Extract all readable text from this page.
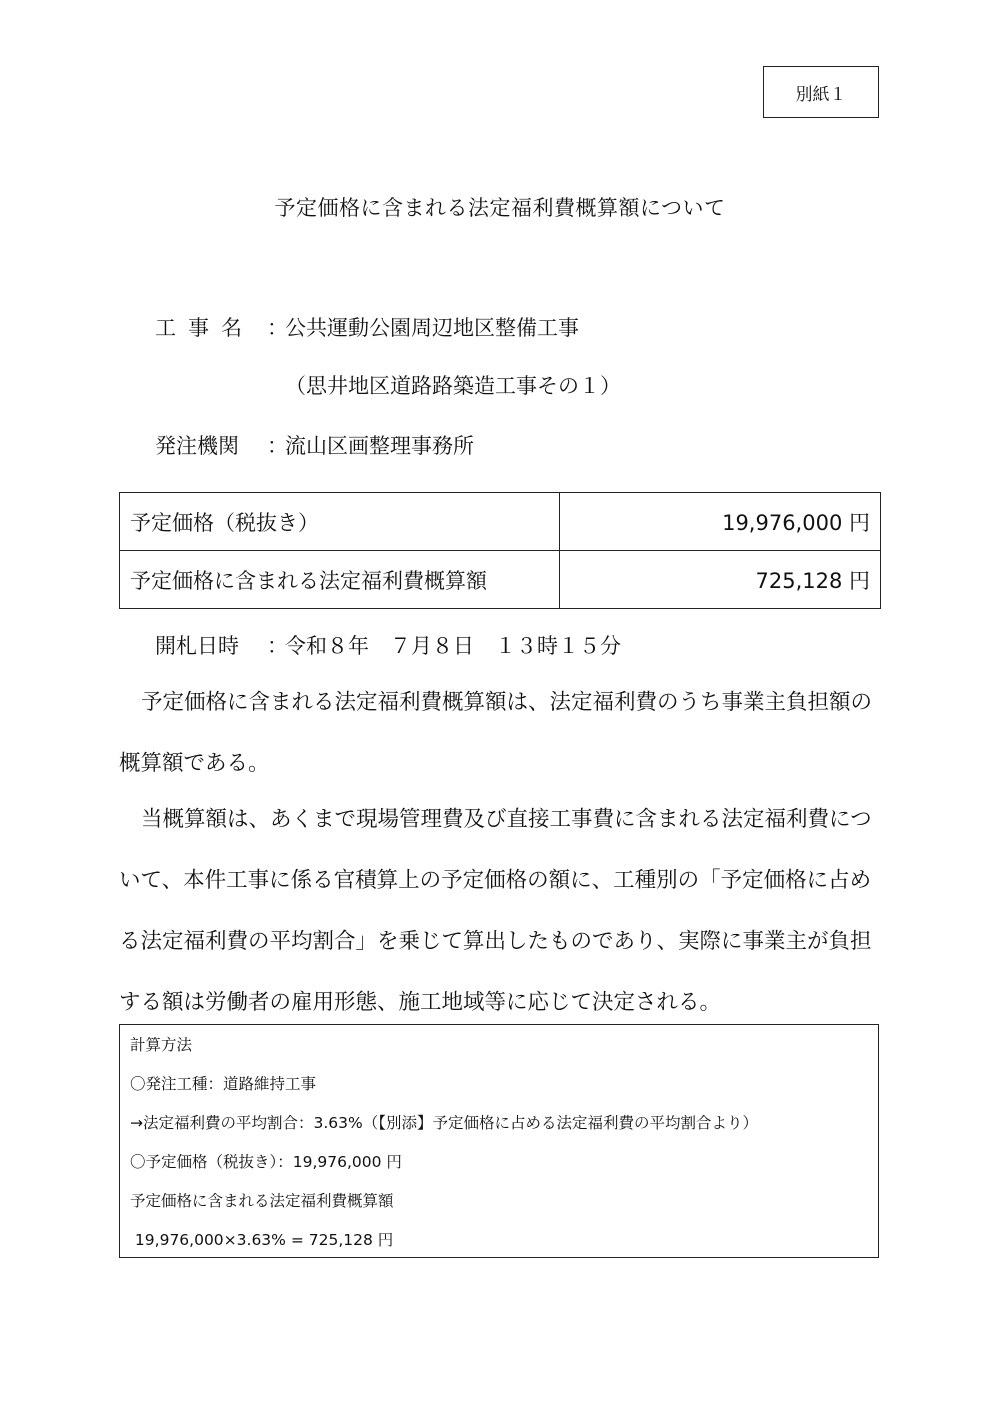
別紙１
予定価格に含まれる法定福利費概算額について
工事名 ：公共運動公園周辺地区整備工事
（思井地区道路路築造工事その１）
発注機関 ：流山区画整理事務所
予定価格（税抜き）	19,976,000 円
予定価格に含まれる法定福利費概算額	725,128 円
開札日時 ：令和８年　７月８日　１３時１５分
予定価格に含まれる法定福利費概算額は、法定福利費のうち事業主負担額の概算額である。
当概算額は、あくまで現場管理費及び直接工事費に含まれる法定福利費について、本件工事に係る官積算上の予定価格の額に、工種別の「予定価格に占める法定福利費の平均割合」を乗じて算出したものであり、実際に事業主が負担する額は労働者の雇用形態、施工地域等に応じて決定される。
計算方法
〇発注工種：道路維持工事
→法定福利費の平均割合：3.63%（【別添】予定価格に占める法定福利費の平均割合より）
〇予定価格（税抜き）：19,976,000 円
予定価格に含まれる法定福利費概算額
19,976,000×3.63% = 725,128 円
